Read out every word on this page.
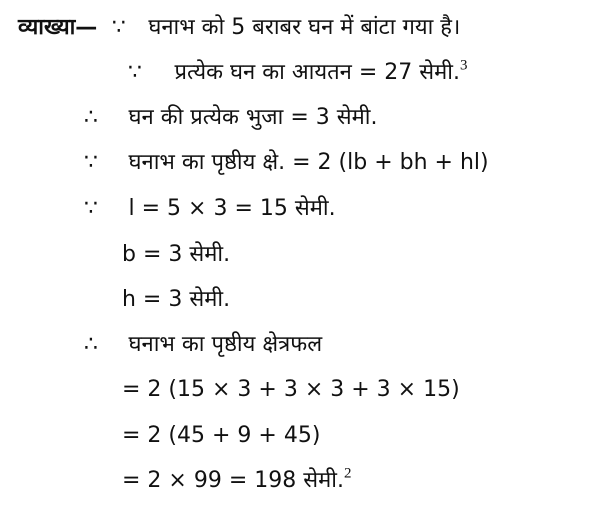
व्याख्या— ∵ घनाभ को 5 बराबर घन में बांटा गया है।
∵ प्रत्येक घन का आयतन = 27 सेमी.$^3$
∴ घन की प्रत्येक भुजा = 3 सेमी.
∵ घनाभ का पृष्ठीय क्षे. = 2 (lb + bh + hl)
∵ l = 5 × 3 = 15 सेमी.
b = 3 सेमी.
h = 3 सेमी.
∴ घनाभ का पृष्ठीय क्षेत्रफल
= 2 (15 × 3 + 3 × 3 + 3 × 15)
= 2 (45 + 9 + 45)
= 2 × 99 = 198 सेमी.$^2$
